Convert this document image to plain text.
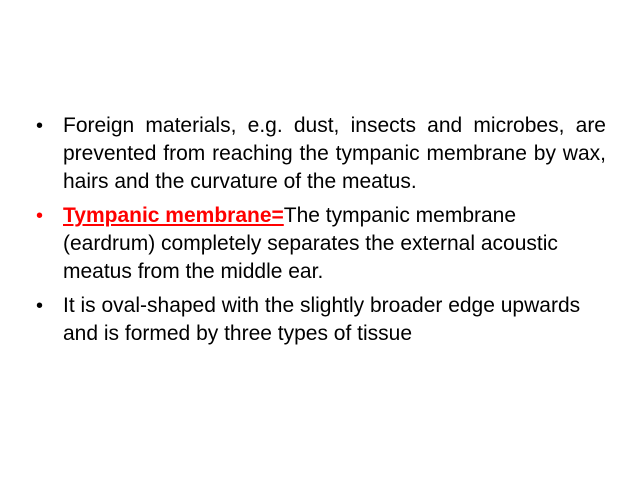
• Foreign materials, e.g. dust, insects and microbes, are prevented from reaching the tympanic membrane by wax, hairs and the curvature of the meatus.
• Tympanic membrane=The tympanic membrane (eardrum) completely separates the external acoustic meatus from the middle ear.
• It is oval-shaped with the slightly broader edge upwards and is formed by three types of tissue
